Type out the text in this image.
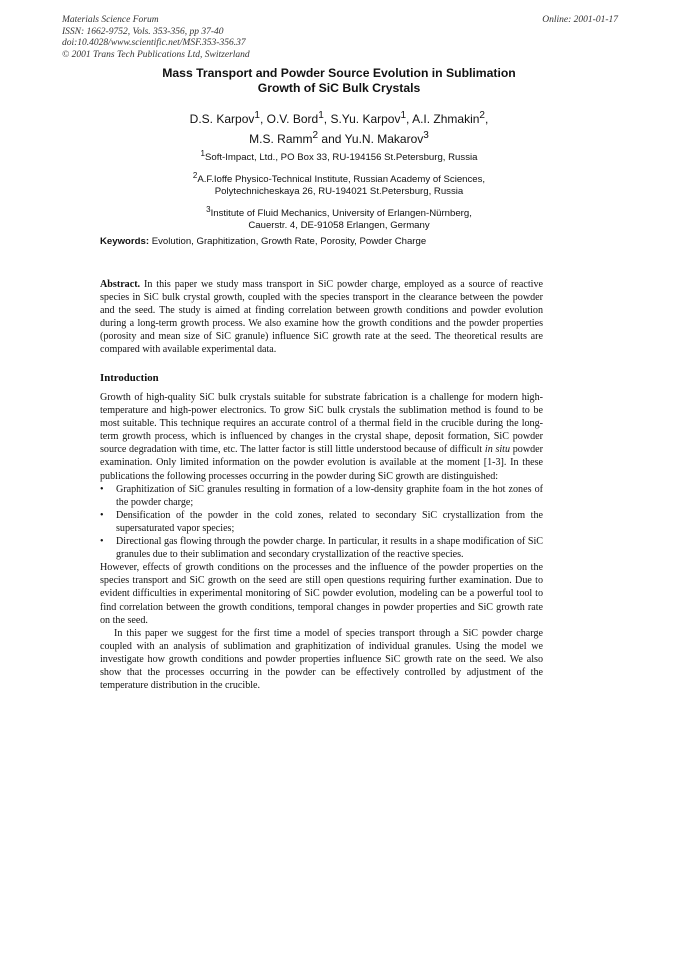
Materials Science Forum
ISSN: 1662-9752, Vols. 353-356, pp 37-40
doi:10.4028/www.scientific.net/MSF.353-356.37
© 2001 Trans Tech Publications Ltd, Switzerland
Online: 2001-01-17
Mass Transport and Powder Source Evolution in Sublimation
Growth of SiC Bulk Crystals
D.S. Karpov$^1$, O.V. Bord$^1$, S.Yu. Karpov$^1$, A.I. Zhmakin$^2$,
M.S. Ramm$^2$ and Yu.N. Makarov$^3$
$^1$Soft-Impact, Ltd., PO Box 33, RU-194156 St.Petersburg, Russia
$^2$A.F.Ioffe Physico-Technical Institute, Russian Academy of Sciences,
Polytechnicheskaya 26, RU-194021 St.Petersburg, Russia
$^3$Institute of Fluid Mechanics, University of Erlangen-Nürnberg,
Cauerstr. 4, DE-91058 Erlangen, Germany
Keywords: Evolution, Graphitization, Growth Rate, Porosity, Powder Charge
Abstract. In this paper we study mass transport in SiC powder charge, employed as a source of reactive species in SiC bulk crystal growth, coupled with the species transport in the clearance between the powder and the seed. The study is aimed at finding correlation between growth conditions and powder evolution during a long-term growth process. We also examine how the growth conditions and the powder properties (porosity and mean size of SiC granule) influence SiC growth rate at the seed. The theoretical results are compared with available experimental data.
Introduction

Growth of high-quality SiC bulk crystals suitable for substrate fabrication is a challenge for modern high-temperature and high-power electronics. To grow SiC bulk crystals the sublimation method is found to be most suitable. This technique requires an accurate control of a thermal field in the crucible during the long-term growth process, which is influenced by changes in the crystal shape, deposit formation, SiC powder source degradation with time, etc. The latter factor is still little understood because of difficult in situ powder examination. Only limited information on the powder evolution is available at the moment [1-3]. In these publications the following processes occurring in the powder during SiC growth are distinguished:

• Graphitization of SiC granules resulting in formation of a low-density graphite foam in the hot zones of the powder charge;
• Densification of the powder in the cold zones, related to secondary SiC crystallization from the supersaturated vapor species;
• Directional gas flowing through the powder charge. In particular, it results in a shape modification of SiC granules due to their sublimation and secondary crystallization of the reactive species.

However, effects of growth conditions on the processes and the influence of the powder properties on the species transport and SiC growth on the seed are still open questions requiring further examination. Due to evident difficulties in experimental monitoring of SiC powder evolution, modeling can be a powerful tool to find correlation between the growth conditions, temporal changes in powder properties and SiC growth rate on the seed.

In this paper we suggest for the first time a model of species transport through a SiC powder charge coupled with an analysis of sublimation and graphitization of individual granules. Using the model we investigate how growth conditions and powder properties influence SiC growth rate on the seed. We also show that the processes occurring in the powder can be effectively controlled by adjustment of the temperature distribution in the crucible.
